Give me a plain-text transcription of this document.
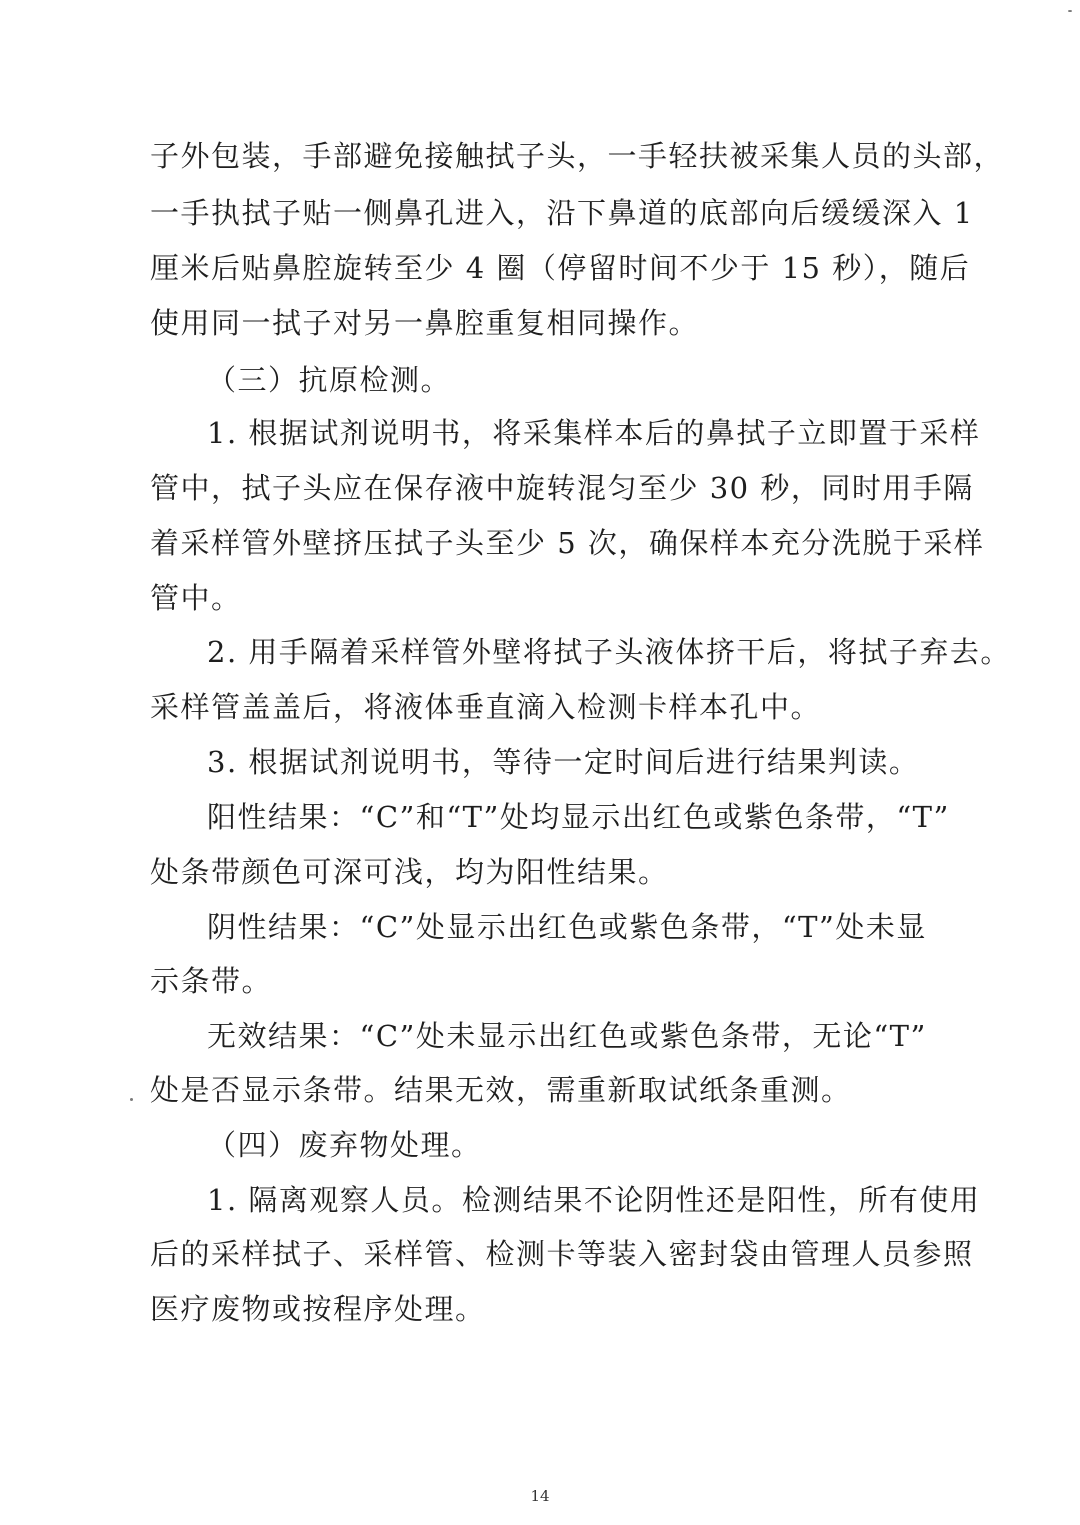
子外包装，手部避免接触拭子头，一手轻扶被采集人员的头部，
一手执拭子贴一侧鼻孔进入，沿下鼻道的底部向后缓缓深入 1
厘米后贴鼻腔旋转至少 4 圈（停留时间不少于 15 秒），随后
使用同一拭子对另一鼻腔重复相同操作。
（三）抗原检测。
1. 根据试剂说明书，将采集样本后的鼻拭子立即置于采样
管中，拭子头应在保存液中旋转混匀至少 30 秒，同时用手隔
着采样管外壁挤压拭子头至少 5 次，确保样本充分洗脱于采样
管中。
2. 用手隔着采样管外壁将拭子头液体挤干后，将拭子弃去。
采样管盖盖后，将液体垂直滴入检测卡样本孔中。
3. 根据试剂说明书，等待一定时间后进行结果判读。
阳性结果：“C”和“T”处均显示出红色或紫色条带，“T”
处条带颜色可深可浅，均为阳性结果。
阴性结果：“C”处显示出红色或紫色条带，“T”处未显
示条带。
无效结果：“C”处未显示出红色或紫色条带，无论“T”
处是否显示条带。结果无效，需重新取试纸条重测。
（四）废弃物处理。
1. 隔离观察人员。检测结果不论阴性还是阳性，所有使用
后的采样拭子、采样管、检测卡等装入密封袋由管理人员参照
医疗废物或按程序处理。
14
